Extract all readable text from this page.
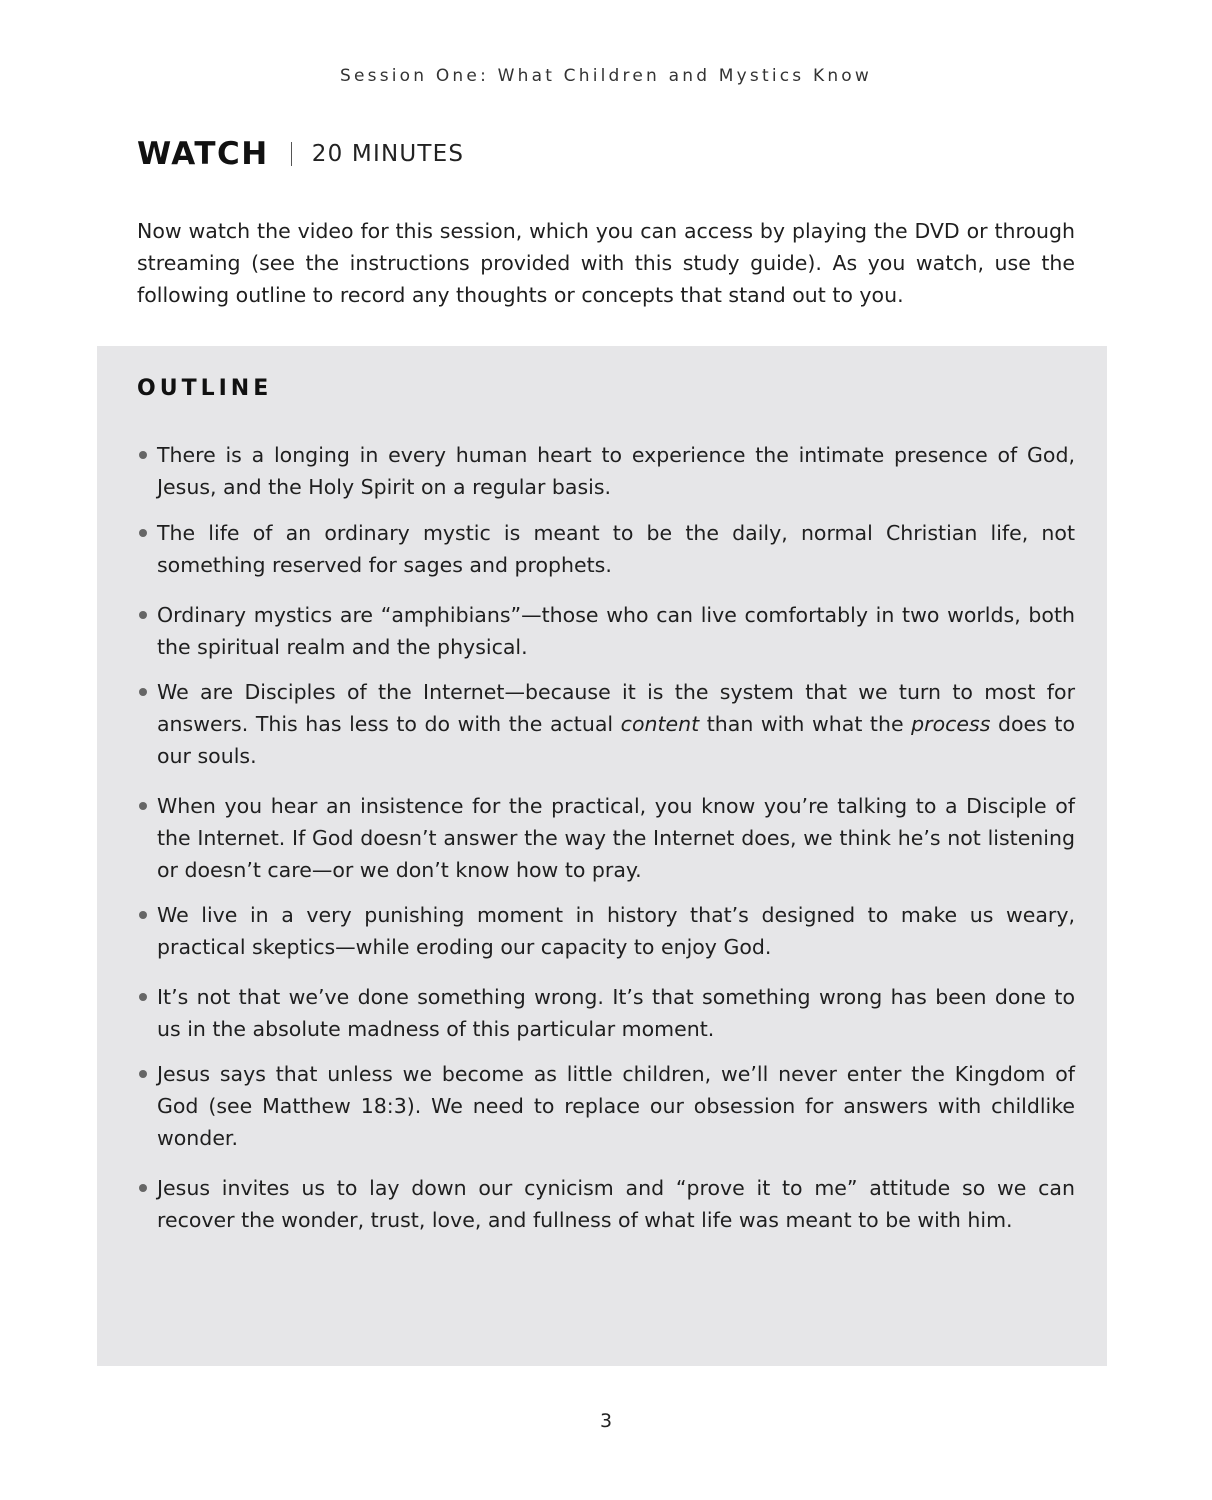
Session One: What Children and Mystics Know
WATCH 20 MINUTES

Now watch the video for this session, which you can access by playing the DVD or through streaming (see the instructions provided with this study guide). As you watch, use the following outline to record any thoughts or concepts that stand out to you.

OUTLINE
There is a longing in every human heart to experience the intimate presence of God, Jesus, and the Holy Spirit on a regular basis.
The life of an ordinary mystic is meant to be the daily, normal Christian life, not something reserved for sages and prophets.
Ordinary mystics are “amphibians”—those who can live comfortably in two worlds, both the spiritual realm and the physical.
We are Disciples of the Internet—because it is the system that we turn to most for answers. This has less to do with the actual content than with what the process does to our souls.
When you hear an insistence for the practical, you know you’re talking to a Disciple of the Internet. If God doesn’t answer the way the Internet does, we think he’s not listening or doesn’t care—or we don’t know how to pray.
We live in a very punishing moment in history that’s designed to make us weary, practical skeptics—while eroding our capacity to enjoy God.
It’s not that we’ve done something wrong. It’s that something wrong has been done to us in the absolute madness of this particular moment.
Jesus says that unless we become as little children, we’ll never enter the Kingdom of God (see Matthew 18:3). We need to replace our obsession for answers with childlike wonder.
Jesus invites us to lay down our cynicism and “prove it to me” attitude so we can recover the wonder, trust, love, and fullness of what life was meant to be with him.
3
